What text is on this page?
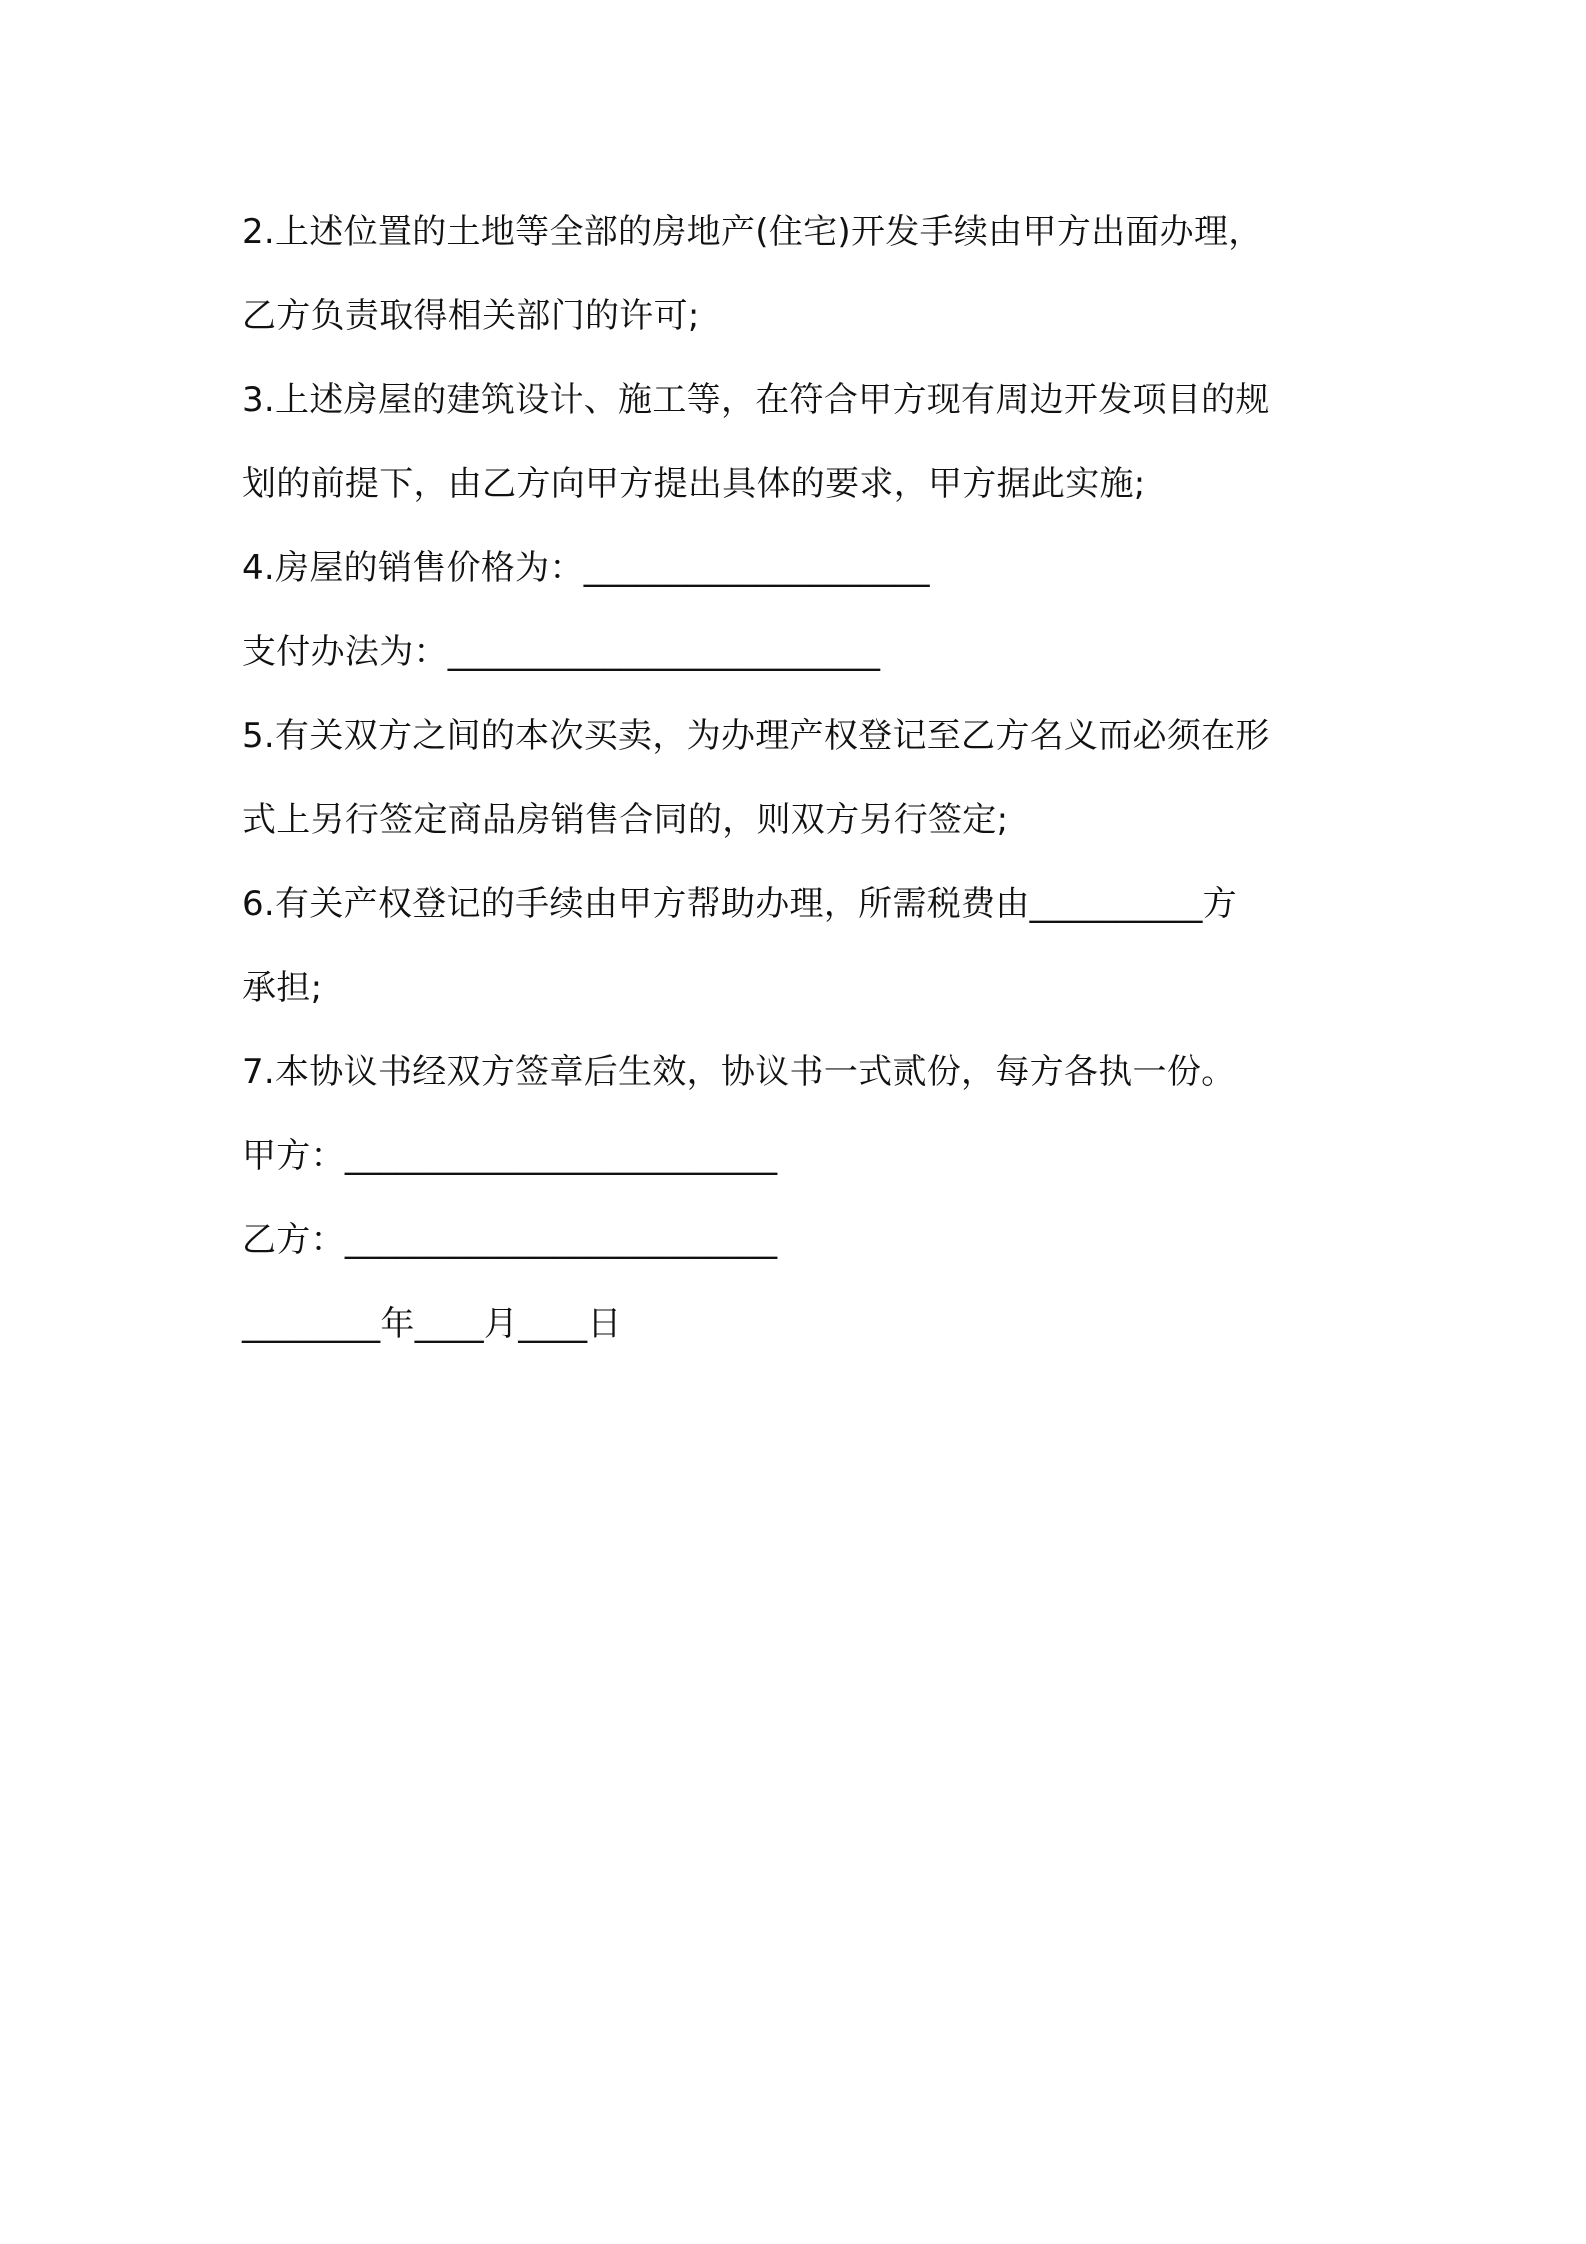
2.上述位置的土地等全部的房地产(住宅)开发手续由甲方出面办理，
乙方负责取得相关部门的许可;
3.上述房屋的建筑设计、施工等，在符合甲方现有周边开发项目的规
划的前提下，由乙方向甲方提出具体的要求，甲方据此实施;
4.房屋的销售价格为：____________________
支付办法为：_________________________
5.有关双方之间的本次买卖，为办理产权登记至乙方名义而必须在形
式上另行签定商品房销售合同的，则双方另行签定;
6.有关产权登记的手续由甲方帮助办理，所需税费由__________方
承担;
7.本协议书经双方签章后生效，协议书一式贰份，每方各执一份。
甲方：_________________________
乙方：_________________________
________年____月____日
